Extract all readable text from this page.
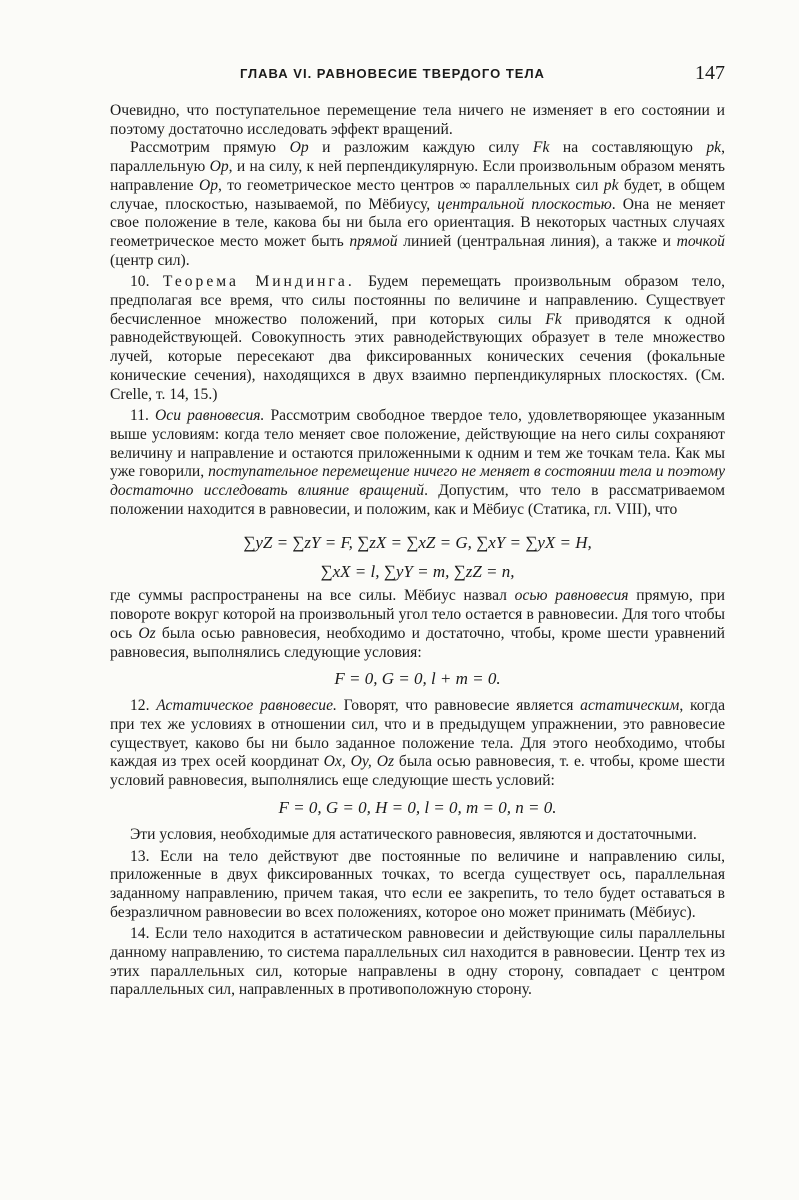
ГЛАВА VI. РАВНОВЕСИЕ ТВЕРДОГО ТЕЛА	147

Очевидно, что поступательное перемещение тела ничего не изменяет в его состоянии и поэтому достаточно исследовать эффект вращений.

Рассмотрим прямую Op и разложим каждую силу Fk на составляющую pk, параллельную Op, и на силу, к ней перпендикулярную. Если произвольным образом менять направление Op, то геометрическое место центров ∞ параллельных сил pk будет, в общем случае, плоскостью, называемой, по Мёбиусу, центральной плоскостью. Она не меняет свое положение в теле, какова бы ни была его ориентация. В некоторых частных случаях геометрическое место может быть прямой линией (центральная линия), а также и точкой (центр сил).

10. Теорема Миндинга. Будем перемещать произвольным образом тело, предполагая все время, что силы постоянны по величине и направлению. Существует бесчисленное множество положений, при которых силы Fk приводятся к одной равнодействующей. Совокупность этих равнодействующих образует в теле множество лучей, которые пересекают два фиксированных конических сечения (фокальные конические сечения), находящихся в двух взаимно перпендикулярных плоскостях. (См. Crelle, т. 14, 15.)

11. Оси равновесия. Рассмотрим свободное твердое тело, удовлетворяющее указанным выше условиям: когда тело меняет свое положение, действующие на него силы сохраняют величину и направление и остаются приложенными к одним и тем же точкам тела. Как мы уже говорили, поступательное перемещение ничего не меняет в состоянии тела и поэтому достаточно исследовать влияние вращений. Допустим, что тело в рассматриваемом положении находится в равновесии, и положим, как и Мёбиус (Статика, гл. VIII), что

∑yZ = ∑zY = F, ∑zX = ∑xZ = G, ∑xY = ∑yX = H,
∑xX = l, ∑yY = m, ∑zZ = n,

где суммы распространены на все силы. Мёбиус назвал осью равновесия прямую, при повороте вокруг которой на произвольный угол тело остается в равновесии. Для того чтобы ось Oz была осью равновесия, необходимо и достаточно, чтобы, кроме шести уравнений равновесия, выполнялись следующие условия:

F = 0, G = 0, l + m = 0.

12. Астатическое равновесие. Говорят, что равновесие является астатическим, когда при тех же условиях в отношении сил, что и в предыдущем упражнении, это равновесие существует, каково бы ни было заданное положение тела. Для этого необходимо, чтобы каждая из трех осей координат Ox, Oy, Oz была осью равновесия, т. е. чтобы, кроме шести условий равновесия, выполнялись еще следующие шесть условий:

F = 0, G = 0, H = 0, l = 0, m = 0, n = 0.

Эти условия, необходимые для астатического равновесия, являются и достаточными.

13. Если на тело действуют две постоянные по величине и направлению силы, приложенные в двух фиксированных точках, то всегда существует ось, параллельная заданному направлению, причем такая, что если ее закрепить, то тело будет оставаться в безразличном равновесии во всех положениях, которое оно может принимать (Мёбиус).

14. Если тело находится в астатическом равновесии и действующие силы параллельны данному направлению, то система параллельных сил находится в равновесии. Центр тех из этих параллельных сил, которые направлены в одну сторону, совпадает с центром параллельных сил, направленных в противоположную сторону.
